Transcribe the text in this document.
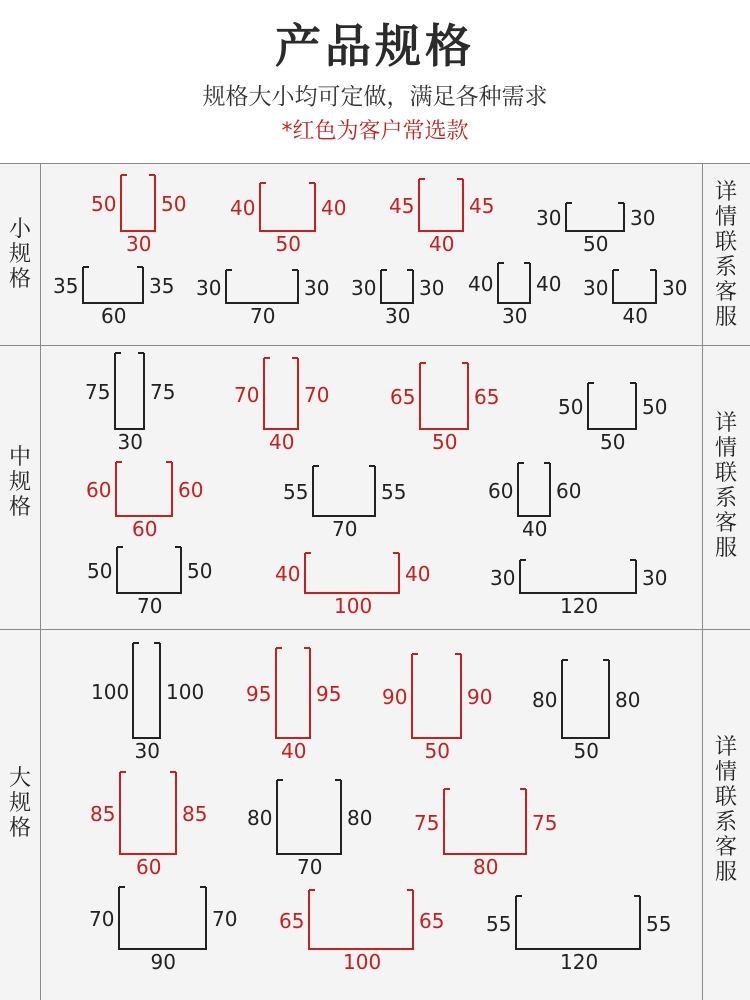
产品规格
规格大小均可定做，满足各种需求
*红色为客户常选款
小规格
中规格
大规格
详情联系客服
详情联系客服
详情联系客服
50 50
30
40	40
50
45	45
40
30	30
50
35	35
60
30	30
70
30 30
30
40 40
30
30	30
40
75 75
30
70 70
40
65	65
50
50	50
50
60	60
60
55	55
70
60 60
40
50	50
70
40	40
100
30	30
120
100 100
30
95 95
40
90	90
50
80	80
50
85	85
60
80	80
70
75	75
80
70	70
90
65	65
100
55	55
120
